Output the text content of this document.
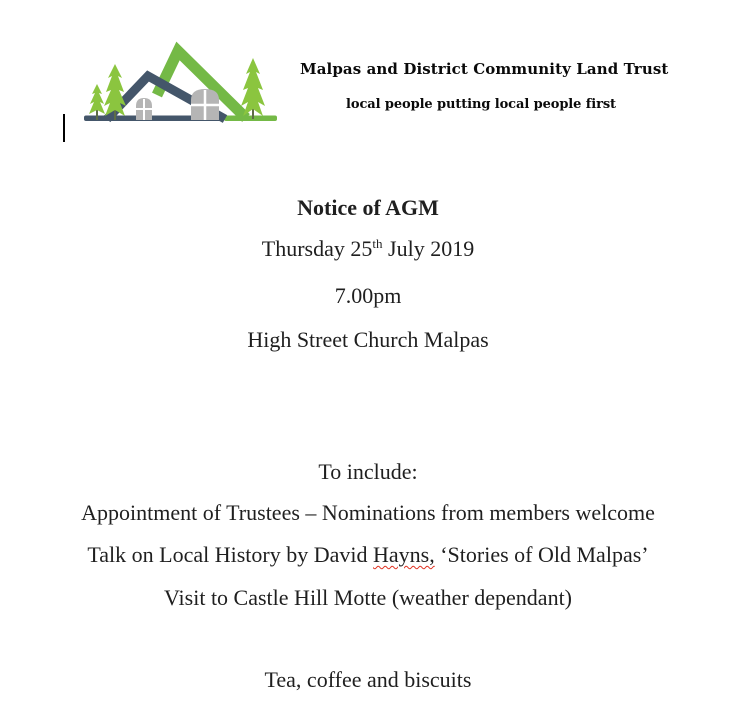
Malpas and District Community Land Trust
local people putting local people first
Notice of AGM
Thursday 25th July 2019
7.00pm
High Street Church Malpas
To include:
Appointment of Trustees – Nominations from members welcome
Talk on Local History by David Hayns, ‘Stories of Old Malpas’
Visit to Castle Hill Motte (weather dependant)
Tea, coffee and biscuits
